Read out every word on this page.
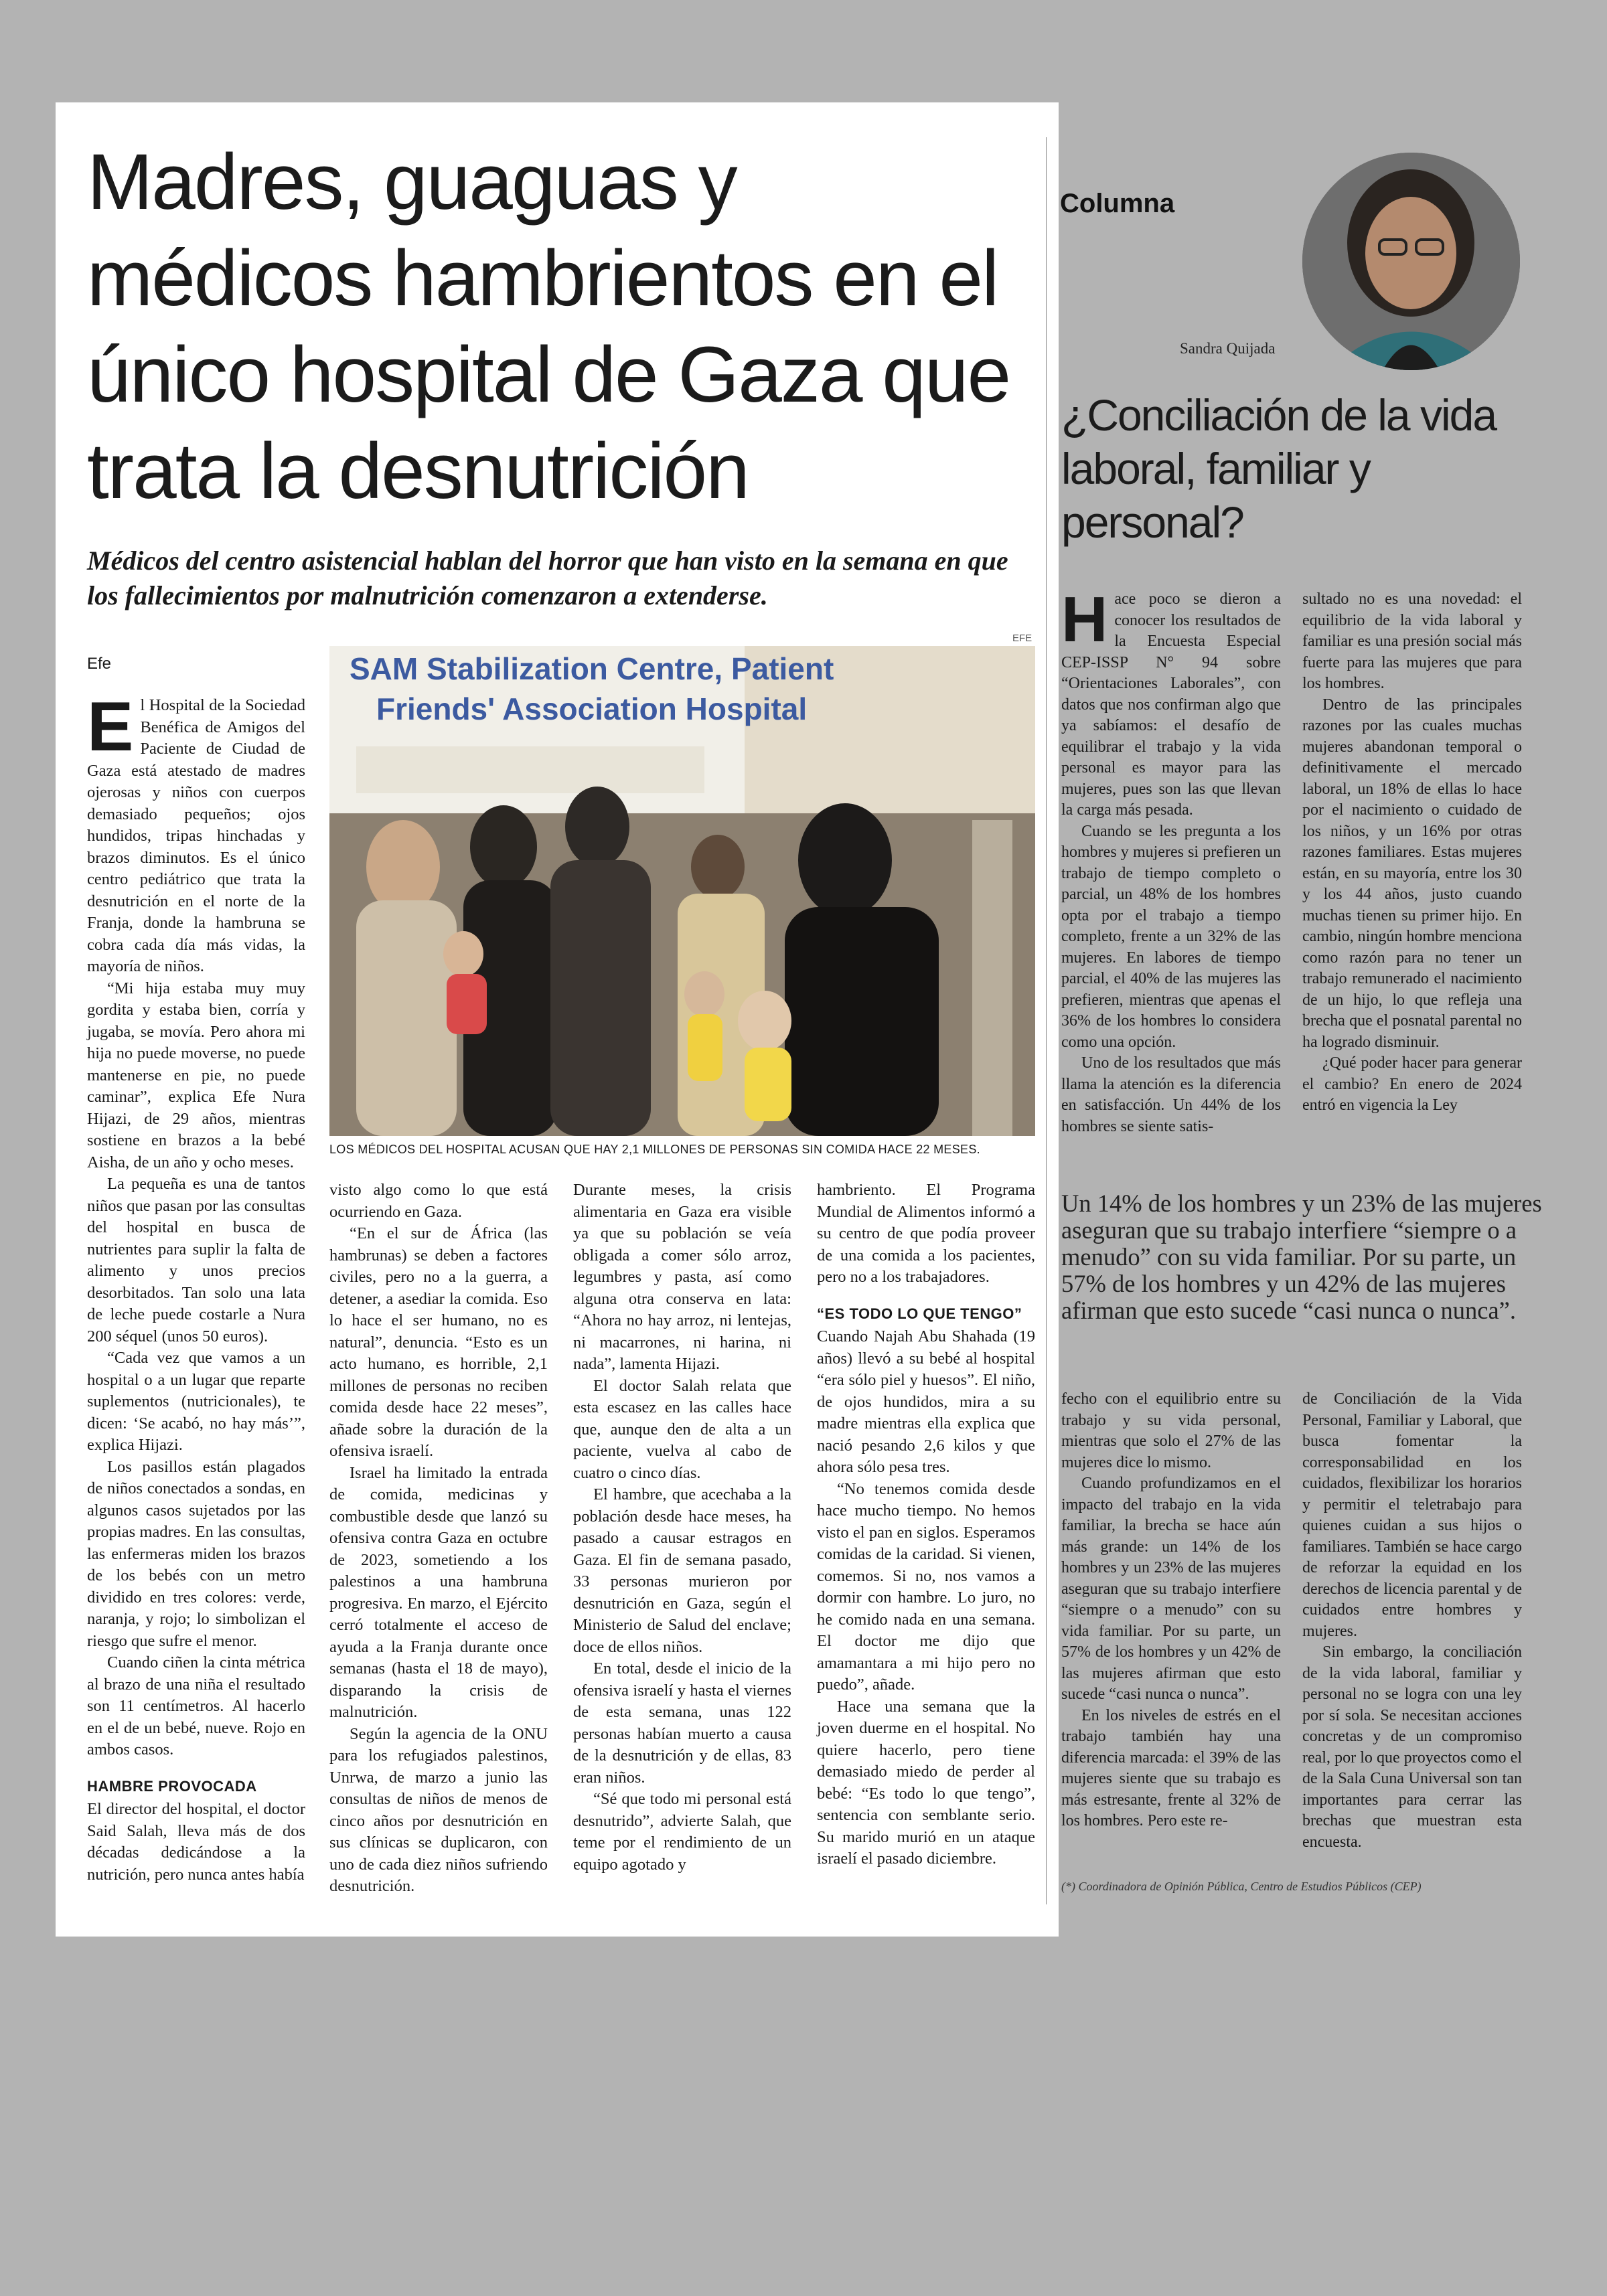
Madres, guaguas y médicos hambrientos en el único hospital de Gaza que trata la desnutrición
Médicos del centro asistencial hablan del horror que han visto en la semana en que los fallecimientos por malnutrición comenzaron a extenderse.
Efe
EFE
SAM Stabilization Centre, Patient
Friends' Association Hospital
LOS MÉDICOS DEL HOSPITAL ACUSAN QUE HAY 2,1 MILLONES DE PERSONAS SIN COMIDA HACE 22 MESES.

El Hospital de la Sociedad Benéfica de Amigos del Paciente de Ciudad de Gaza está atestado de madres ojerosas y niños con cuerpos demasiado pequeños; ojos hundidos, tripas hinchadas y brazos diminutos. Es el único centro pediátrico que trata la desnutrición en el norte de la Franja, donde la hambruna se cobra cada día más vidas, la mayoría de niños.

“Mi hija estaba muy muy gordita y estaba bien, corría y jugaba, se movía. Pero ahora mi hija no puede moverse, no puede mantenerse en pie, no puede caminar”, explica Efe Nura Hijazi, de 29 años, mientras sostiene en brazos a la bebé Aisha, de un año y ocho meses.

La pequeña es una de tantos niños que pasan por las consultas del hospital en busca de nutrientes para suplir la falta de alimento y unos precios desorbitados. Tan solo una lata de leche puede costarle a Nura 200 séquel (unos 50 euros).

“Cada vez que vamos a un hospital o a un lugar que reparte suplementos (nutricionales), te dicen: ‘Se acabó, no hay más’”, explica Hijazi.

Los pasillos están plagados de niños conectados a sondas, en algunos casos sujetados por las propias madres. En las consultas, las enfermeras miden los brazos de los bebés con un metro dividido en tres colores: verde, naranja, y rojo; lo simbolizan el riesgo que sufre el menor.

Cuando ciñen la cinta métrica al brazo de una niña el resultado son 11 centímetros. Al hacerlo en el de un bebé, nueve. Rojo en ambos casos.

HAMBRE PROVOCADA

El director del hospital, el doctor Said Salah, lleva más de dos décadas dedicándose a la nutrición, pero nunca antes había

visto algo como lo que está ocurriendo en Gaza.

“En el sur de África (las hambrunas) se deben a factores civiles, pero no a la guerra, a detener, a asediar la comida. Eso lo hace el ser humano, no es natural”, denuncia. “Esto es un acto humano, es horrible, 2,1 millones de personas no reciben comida desde hace 22 meses”, añade sobre la duración de la ofensiva israelí.

Israel ha limitado la entrada de comida, medicinas y combustible desde que lanzó su ofensiva contra Gaza en octubre de 2023, sometiendo a los palestinos a una hambruna progresiva. En marzo, el Ejército cerró totalmente el acceso de ayuda a la Franja durante once semanas (hasta el 18 de mayo), disparando la crisis de malnutrición.

Según la agencia de la ONU para los refugiados palestinos, Unrwa, de marzo a junio las consultas de niños de menos de cinco años por desnutrición en sus clínicas se duplicaron, con uno de cada diez niños sufriendo desnutrición.

Durante meses, la crisis alimentaria en Gaza era visible ya que su población se veía obligada a comer sólo arroz, legumbres y pasta, así como alguna otra conserva en lata: “Ahora no hay arroz, ni lentejas, ni macarrones, ni harina, ni nada”, lamenta Hijazi.

El doctor Salah relata que esta escasez en las calles hace que, aunque den de alta a un paciente, vuelva al cabo de cuatro o cinco días.

El hambre, que acechaba a la población desde hace meses, ha pasado a causar estragos en Gaza. El fin de semana pasado, 33 personas murieron por desnutrición en Gaza, según el Ministerio de Salud del enclave; doce de ellos niños.

En total, desde el inicio de la ofensiva israelí y hasta el viernes de esta semana, unas 122 personas habían muerto a causa de la desnutrición y de ellas, 83 eran niños.

“Sé que todo mi personal está desnutrido”, advierte Salah, que teme por el rendimiento de un equipo agotado y

hambriento. El Programa Mundial de Alimentos informó a su centro de que podía proveer de una comida a los pacientes, pero no a los trabajadores.

“ES TODO LO QUE TENGO”

Cuando Najah Abu Shahada (19 años) llevó a su bebé al hospital “era sólo piel y huesos”. El niño, de ojos hundidos, mira a su madre mientras ella explica que nació pesando 2,6 kilos y que ahora sólo pesa tres.

“No tenemos comida desde hace mucho tiempo. No hemos visto el pan en siglos. Esperamos comidas de la caridad. Si vienen, comemos. Si no, nos vamos a dormir con hambre. Lo juro, no he comido nada en una semana. El doctor me dijo que amamantara a mi hijo pero no puedo”, añade.

Hace una semana que la joven duerme en el hospital. No quiere hacerlo, pero tiene demasiado miedo de perder al bebé: “Es todo lo que tengo”, sentencia con semblante serio. Su marido murió en un ataque israelí el pasado diciembre.

Columna
Sandra Quijada
¿Conciliación de la vida laboral, familiar y personal?

Hace poco se dieron a conocer los resultados de la Encuesta Especial CEP-ISSP N° 94 sobre “Orientaciones Laborales”, con datos que nos confirman algo que ya sabíamos: el desafío de equilibrar el trabajo y la vida personal es mayor para las mujeres, pues son las que llevan la carga más pesada.

Cuando se les pregunta a los hombres y mujeres si prefieren un trabajo de tiempo completo o parcial, un 48% de los hombres opta por el trabajo a tiempo completo, frente a un 32% de las mujeres. En labores de tiempo parcial, el 40% de las mujeres las prefieren, mientras que apenas el 36% de los hombres lo considera como una opción.

Uno de los resultados que más llama la atención es la diferencia en satisfacción. Un 44% de los hombres se siente satis-

sultado no es una novedad: el equilibrio de la vida laboral y familiar es una presión social más fuerte para las mujeres que para los hombres.

Dentro de las principales razones por las cuales muchas mujeres abandonan temporal o definitivamente el mercado laboral, un 18% de ellas lo hace por el nacimiento o cuidado de los niños, y un 16% por otras razones familiares. Estas mujeres están, en su mayoría, entre los 30 y los 44 años, justo cuando muchas tienen su primer hijo. En cambio, ningún hombre menciona como razón para no tener un trabajo remunerado el nacimiento de un hijo, lo que refleja una brecha que el posnatal parental no ha logrado disminuir.

¿Qué poder hacer para generar el cambio? En enero de 2024 entró en vigencia la Ley

Un 14% de los hombres y un 23% de las mujeres aseguran que su trabajo interfiere “siempre o a menudo” con su vida familiar. Por su parte, un 57% de los hombres y un 42% de las mujeres afirman que esto sucede “casi nunca o nunca”.

fecho con el equilibrio entre su trabajo y su vida personal, mientras que solo el 27% de las mujeres dice lo mismo.

Cuando profundizamos en el impacto del trabajo en la vida familiar, la brecha se hace aún más grande: un 14% de los hombres y un 23% de las mujeres aseguran que su trabajo interfiere “siempre o a menudo” con su vida familiar. Por su parte, un 57% de los hombres y un 42% de las mujeres afirman que esto sucede “casi nunca o nunca”.

En los niveles de estrés en el trabajo también hay una diferencia marcada: el 39% de las mujeres siente que su trabajo es más estresante, frente al 32% de los hombres. Pero este re-

de Conciliación de la Vida Personal, Familiar y Laboral, que busca fomentar la corresponsabilidad en los cuidados, flexibilizar los horarios y permitir el teletrabajo para quienes cuidan a sus hijos o familiares. También se hace cargo de reforzar la equidad en los derechos de licencia parental y de cuidados entre hombres y mujeres.

Sin embargo, la conciliación de la vida laboral, familiar y personal no se logra con una ley por sí sola. Se necesitan acciones concretas y de un compromiso real, por lo que proyectos como el de la Sala Cuna Universal son tan importantes para cerrar las brechas que muestran esta encuesta.

(*) Coordinadora de Opinión Pública, Centro de Estudios Públicos (CEP)
